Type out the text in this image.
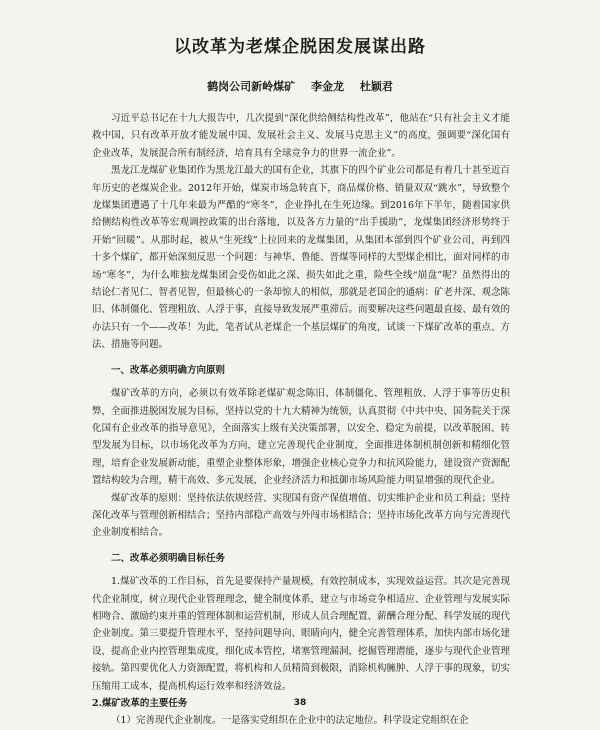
以改革为老煤企脱困发展谋出路
鹤岗公司新岭煤矿 李金龙 杜颖君

习近平总书记在十九大报告中，几次提到“深化供给侧结构性改革”，他站在“只有社会主义才能救中国，只有改革开放才能发展中国、发展社会主义、发展马克思主义”的高度，强调要“深化国有企业改革，发展混合所有制经济，培育具有全球竞争力的世界一流企业”。

黑龙江龙煤矿业集团作为黑龙江最大的国有企业，其旗下的四个矿业公司都是有着几十甚至近百年历史的老煤炭企业。2012年开始，煤炭市场急转直下，商品煤价格、销量双双“跳水”，导致整个龙煤集团遭遇了十几年来最为严酷的“寒冬”，企业挣扎在生死边缘。到2016年下半年，随着国家供给侧结构性改革等宏观调控政策的出台落地，以及各方力量的“出手援助”，龙煤集团经济形势终于开始“回暖”。从那时起，被从“生死线”上拉回来的龙煤集团，从集团本部到四个矿业公司，再到四十多个煤矿，都开始深刻反思一个问题：与神华、鲁能、晋煤等同样的大型煤企相比，面对同样的市场“寒冬”，为什么唯独龙煤集团会受伤如此之深、损失如此之重，险些全线“崩盘”呢？虽然得出的结论仁者见仁、智者见智，但最核心的一条却惊人的相似，那就是老国企的通病：矿老井深、观念陈旧、体制僵化、管理粗放、人浮于事，直接导致发展严重滞后。而要解决这些问题最直接、最有效的办法只有一个——改革！为此，笔者试从老煤企一个基层煤矿的角度，试谈一下煤矿改革的重点、方法、措施等问题。

一、改革必须明确方向原则

煤矿改革的方向，必须以有效革除老煤矿观念陈旧、体制僵化、管理粗放、人浮于事等历史积弊，全面推进脱困发展为目标，坚持以党的十九大精神为统领，认真贯彻《中共中央、国务院关于深化国有企业改革的指导意见》，全面落实上级有关決策部署，以安全、稳定为前提，以改革脱困、转型发展为目标，以市场化改革为方向，建立完善现代企业制度，全面推进体制机制创新和精细化管理，培育企业发展新动能，重塑企业整体形象，增强企业核心竞争力和抗风险能力，建设资产资源配置结构较为合理，精干高效、多元发展，企业经济活力和抵御市场风险能力明显增强的现代企业。

煤矿改革的原则：坚持依法依规经营、实现国有资产保值增值、切实维护企业和员工利益；坚持深化改革与管理创新相结合；坚持内部稳产高效与外闯市场相结合；坚持市场化改革方向与完善现代企业制度相结合。

二、改革必须明确目标任务

1.煤矿改革的工作目标，首先是要保持产量规模，有效控制成本，实现效益运营。其次是完善现代企业制度，树立现代企业管理理念，健全制度体系，建立与市场竞争相适应、企业管理与发展实际相吻合、激励约束并重的管理体制和运营机制，形成人员合理配置、薪酬合理分配、科学发展的现代企业制度。第三要提升管理水平，坚持问题导向、眼睛向内，健全完善管理体系，加快内部市场化建设，提高企业内控管理集成度，细化成本管控，堵塞管理漏洞，挖掘管理潜能，逐步与现代企业管理接轨。第四要优化人力资源配置，将机构和人员精简到极限，消除机构臃肿、人浮于事的现象，切实压缩用工成本，提高机构运行效率和经济效益。

2.煤矿改革的主要任务

（1）完善现代企业制度。一是落实党组织在企业中的法定地位。科学设定党组织在企

38
